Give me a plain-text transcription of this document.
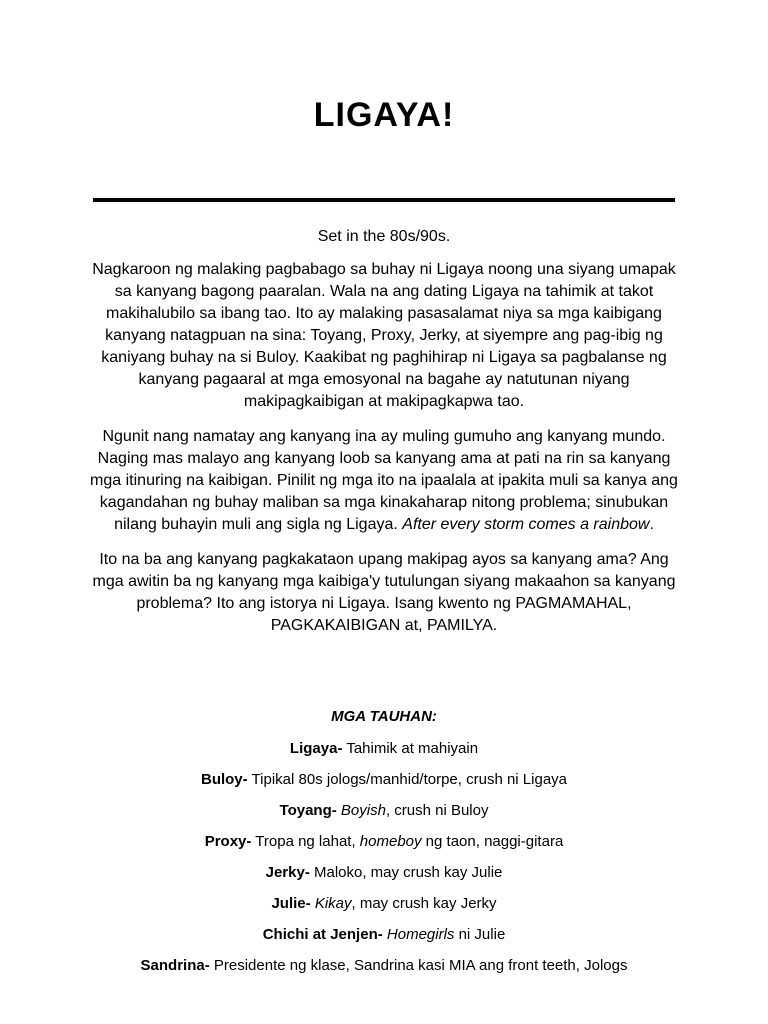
LIGAYA!
Set in the 80s/90s.

Nagkaroon ng malaking pagbabago sa buhay ni Ligaya noong una siyang umapak sa kanyang bagong paaralan. Wala na ang dating Ligaya na tahimik at takot makihalubilo sa ibang tao. Ito ay malaking pasasalamat niya sa mga kaibigang kanyang natagpuan na sina: Toyang, Proxy, Jerky, at siyempre ang pag-ibig ng kaniyang buhay na si Buloy. Kaakibat ng paghihirap ni Ligaya sa pagbalanse ng kanyang pagaaral at mga emosyonal na bagahe ay natutunan niyang makipagkaibigan at makipagkapwa tao.

Ngunit nang namatay ang kanyang ina ay muling gumuho ang kanyang mundo. Naging mas malayo ang kanyang loob sa kanyang ama at pati na rin sa kanyang mga itinuring na kaibigan. Pinilit ng mga ito na ipaalala at ipakita muli sa kanya ang kagandahan ng buhay maliban sa mga kinakaharap nitong problema; sinubukan nilang buhayin muli ang sigla ng Ligaya. After every storm comes a rainbow.

Ito na ba ang kanyang pagkakataon upang makipag ayos sa kanyang ama? Ang mga awitin ba ng kanyang mga kaibiga'y tutulungan siyang makaahon sa kanyang problema? Ito ang istorya ni Ligaya. Isang kwento ng PAGMAMAHAL, PAGKAKAIBIGAN at, PAMILYA.

MGA TAUHAN:
Ligaya- Tahimik at mahiyain
Buloy- Tipikal 80s jologs/manhid/torpe, crush ni Ligaya
Toyang- Boyish, crush ni Buloy
Proxy- Tropa ng lahat, homeboy ng taon, naggi-gitara
Jerky- Maloko, may crush kay Julie
Julie- Kikay, may crush kay Jerky
Chichi at Jenjen- Homegirls ni Julie
Sandrina- Presidente ng klase, Sandrina kasi MIA ang front teeth, Jologs
